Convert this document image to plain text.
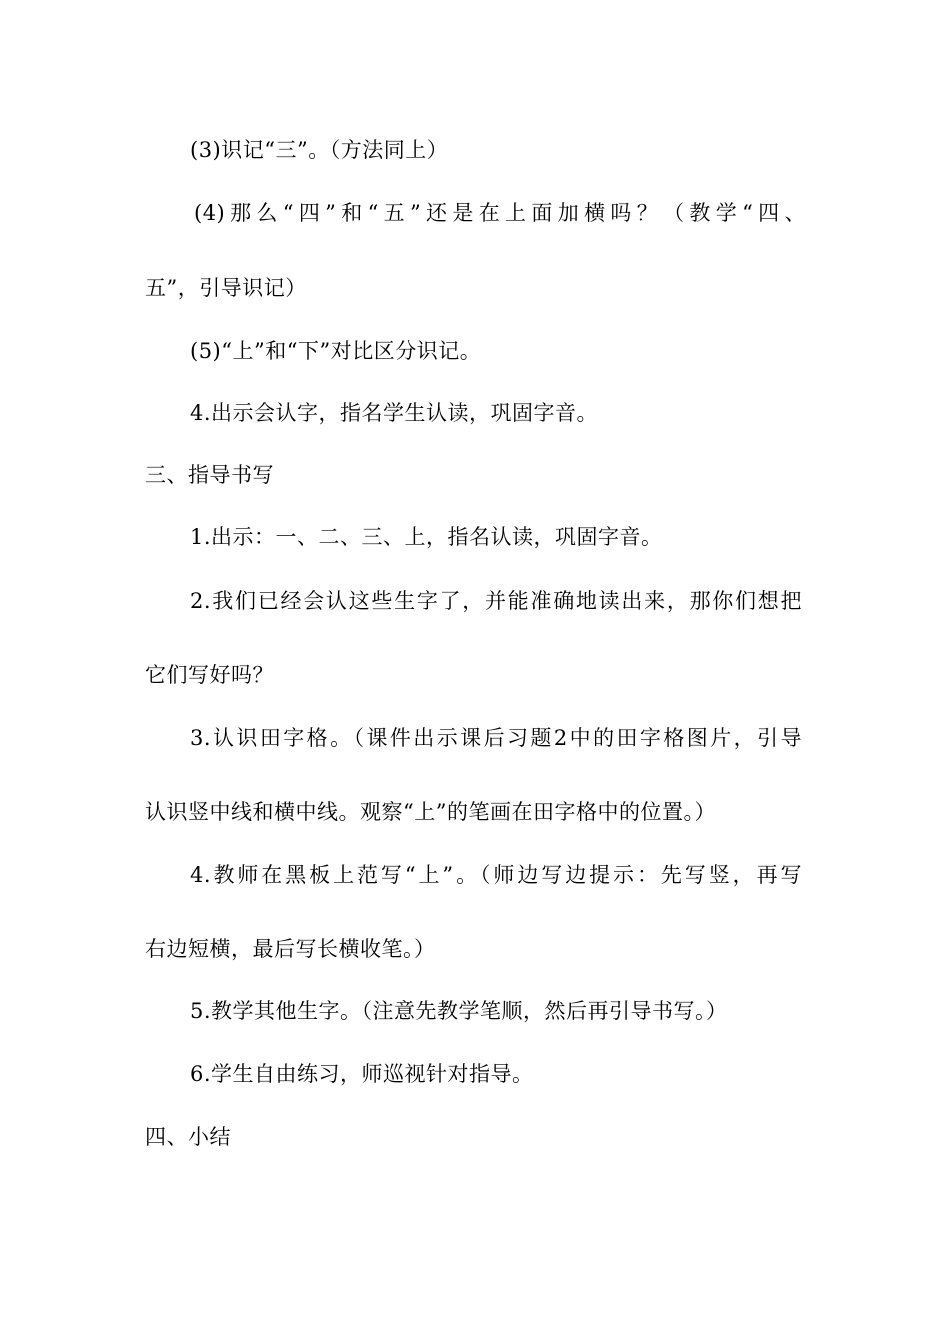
(3)识记“三”。（方法同上）
(4)那么“四”和“五”还是在上面加横吗？（教学“四、
五”，引导识记）
(5)“上”和“下”对比区分识记。
4.出示会认字，指名学生认读，巩固字音。
三、指导书写
1.出示：一、二、三、上，指名认读，巩固字音。
2.我们已经会认这些生字了，并能准确地读出来，那你们想把
它们写好吗？
3.认识田字格。（课件出示课后习题2中的田字格图片，引导
认识竖中线和横中线。观察“上”的笔画在田字格中的位置。）
4.教师在黑板上范写“上”。（师边写边提示：先写竖，再写
右边短横，最后写长横收笔。）
5.教学其他生字。（注意先教学笔顺，然后再引导书写。）
6.学生自由练习，师巡视针对指导。
四、小结
